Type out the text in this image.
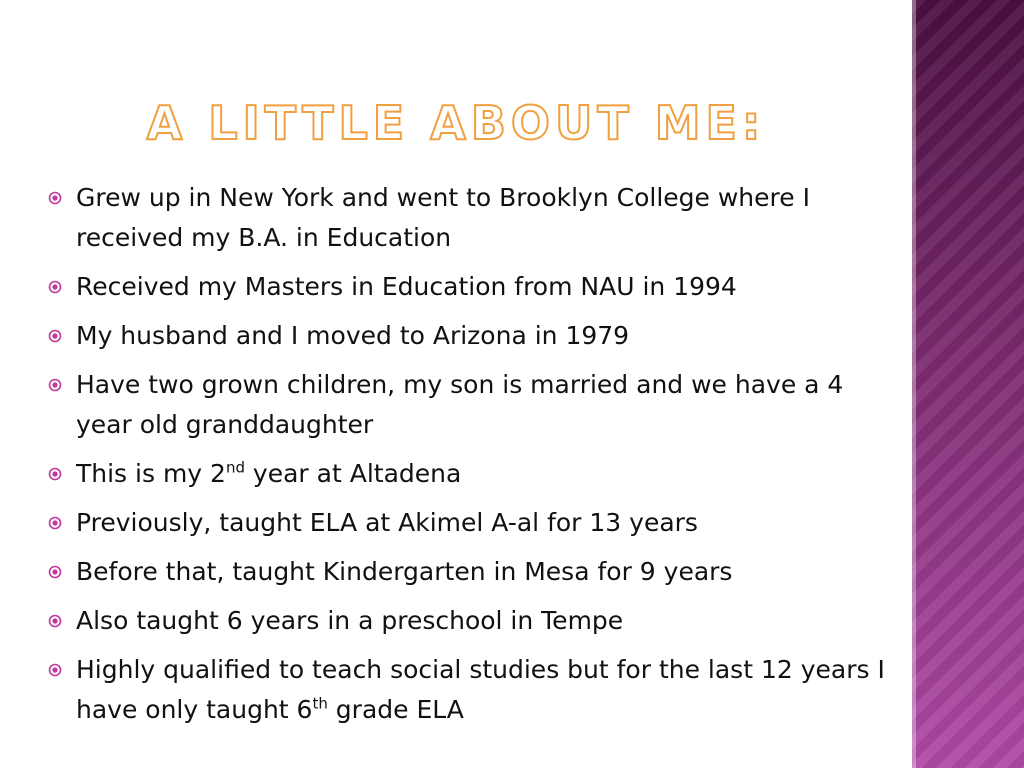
A LITTLE ABOUT ME:
Grew up in New York and went to Brooklyn College where I received my B.A. in Education
Received my Masters in Education from NAU in 1994
My husband and I moved to Arizona in 1979
Have two grown children, my son is married and we have a 4 year old granddaughter
This is my 2nd year at Altadena
Previously, taught ELA at Akimel A-al for 13 years
Before that, taught Kindergarten in Mesa for 9 years
Also taught 6 years in a preschool in Tempe
Highly qualified to teach social studies but for the last 12 years I have only taught 6th grade ELA
